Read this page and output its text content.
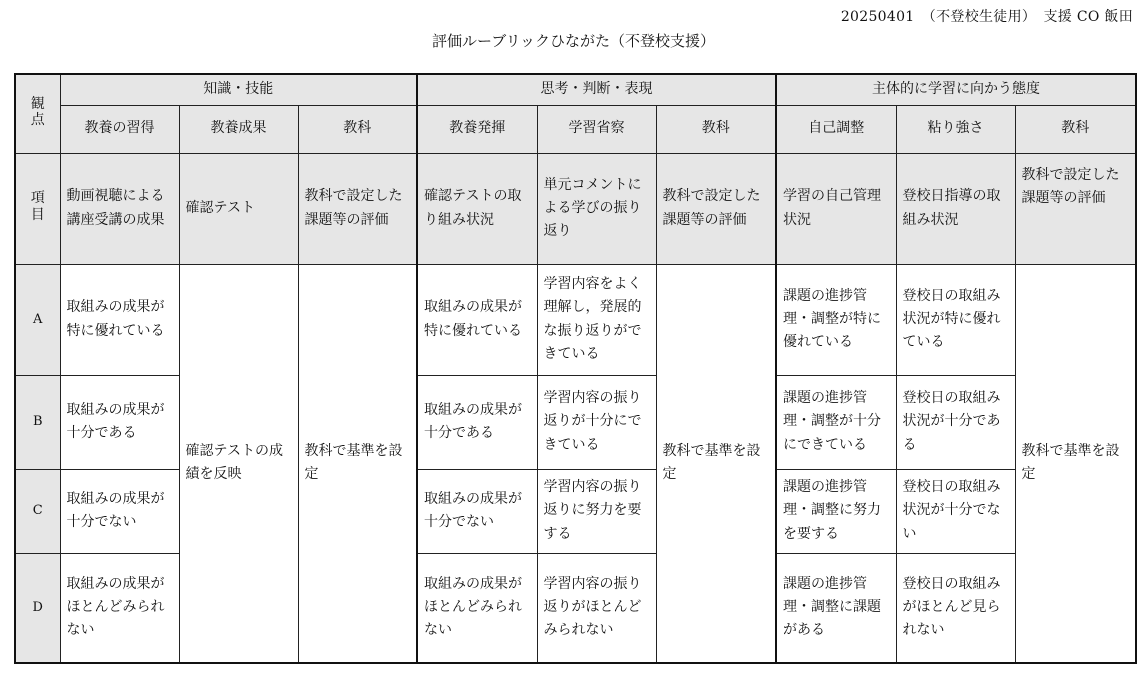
20250401　（不登校生徒用）　支援 CO 飯田
評価ルーブリックひながた（不登校支援）
観点	知識・技能			思考・判断・表現			主体的に学習に向かう態度		
	教養の習得	教養成果	教科	教養発揮	学習省察	教科	自己調整	粘り強さ	教科
項目	動画視聴による講座受講の成果	確認テスト	教科で設定した課題等の評価	確認テストの取り組み状況	単元コメントによる学びの振り返り	教科で設定した課題等の評価	学習の自己管理状況	登校日指導の取組み状況	教科で設定した課題等の評価
A	取組みの成果が特に優れている	確認テストの成績を反映	教科で基準を設定	取組みの成果が特に優れている	学習内容をよく理解し，発展的な振り返りができている	教科で基準を設定	課題の進捗管理・調整が特に優れている	登校日の取組み状況が特に優れている	教科で基準を設定
B	取組みの成果が十分である			取組みの成果が十分である	学習内容の振り返りが十分にできている		課題の進捗管理・調整が十分にできている	登校日の取組み状況が十分である	
C	取組みの成果が十分でない			取組みの成果が十分でない	学習内容の振り返りに努力を要する		課題の進捗管理・調整に努力を要する	登校日の取組み状況が十分でない	
D	取組みの成果がほとんどみられない			取組みの成果がほとんどみられない	学習内容の振り返りがほとんどみられない		課題の進捗管理・調整に課題がある	登校日の取組みがほとんど見られない	
